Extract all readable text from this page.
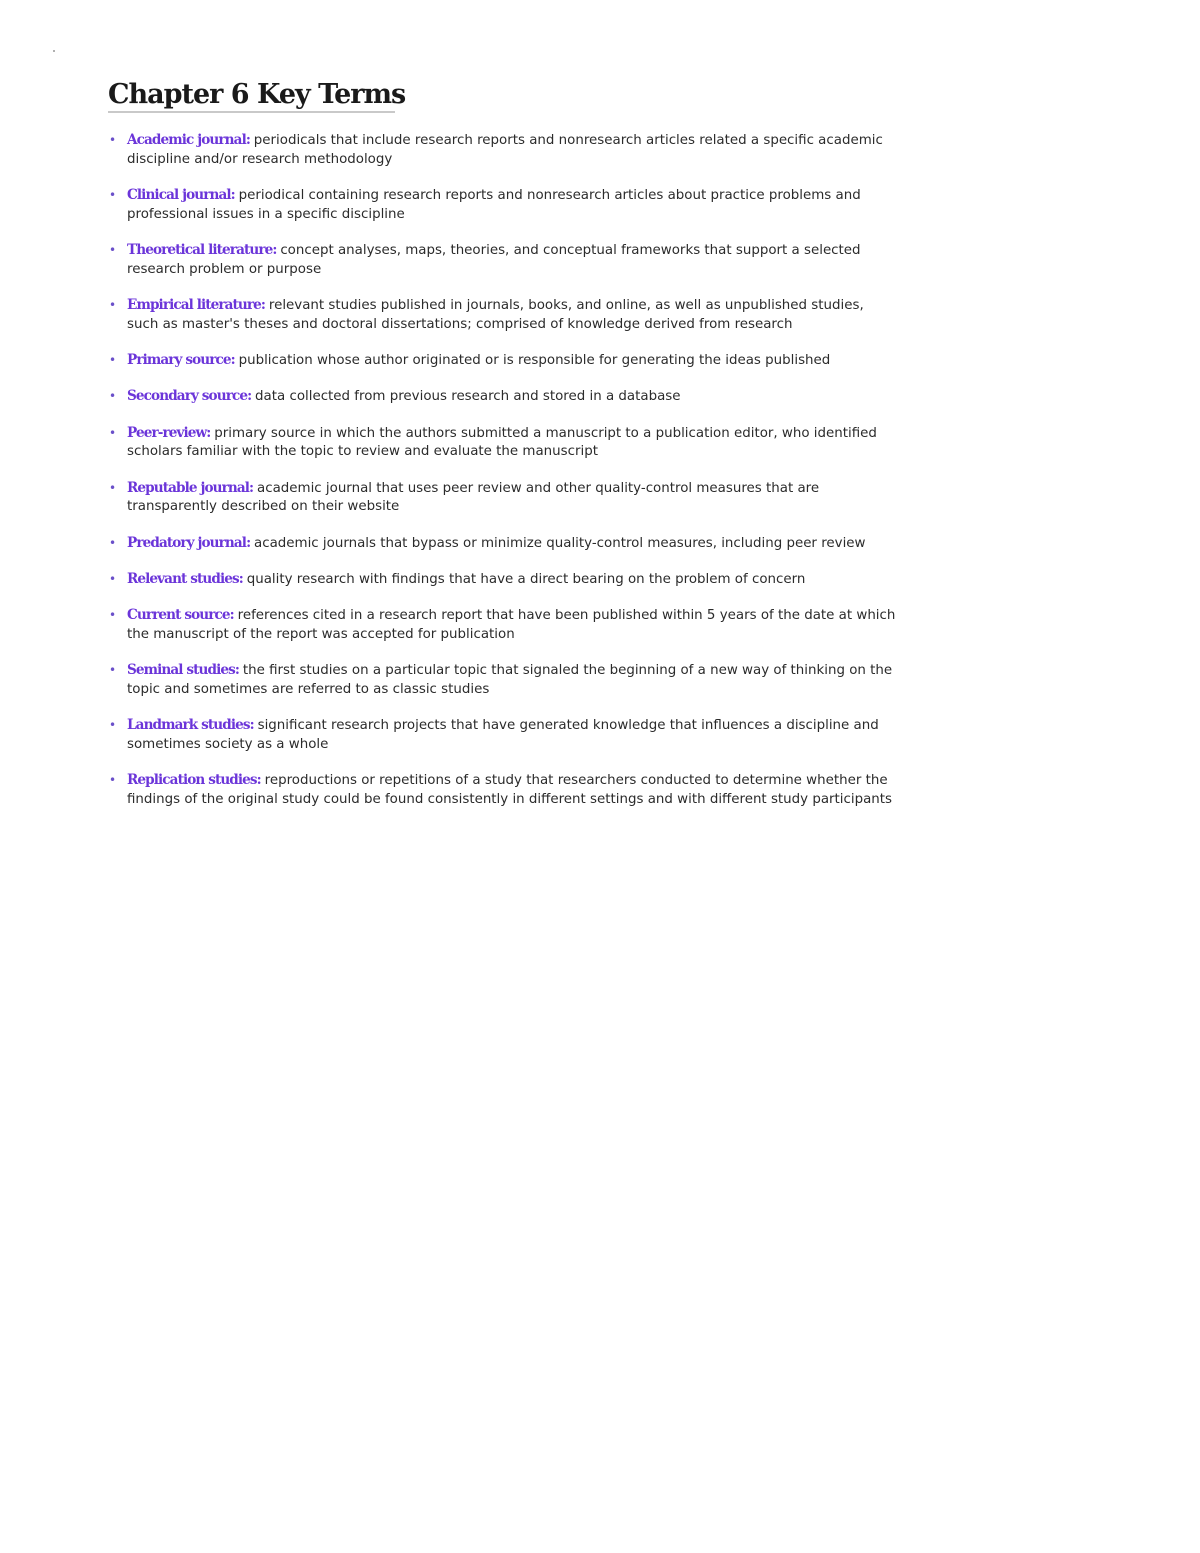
Chapter 6 Key Terms
• Academic journal: periodicals that include research reports and nonresearch articles related a specific academic discipline and/or research methodology
• Clinical journal: periodical containing research reports and nonresearch articles about practice problems and professional issues in a specific discipline
• Theoretical literature: concept analyses, maps, theories, and conceptual frameworks that support a selected research problem or purpose
• Empirical literature: relevant studies published in journals, books, and online, as well as unpublished studies, such as master's theses and doctoral dissertations; comprised of knowledge derived from research
• Primary source: publication whose author originated or is responsible for generating the ideas published
• Secondary source: data collected from previous research and stored in a database
• Peer-review: primary source in which the authors submitted a manuscript to a publication editor, who identified scholars familiar with the topic to review and evaluate the manuscript
• Reputable journal: academic journal that uses peer review and other quality-control measures that are transparently described on their website
• Predatory journal: academic journals that bypass or minimize quality-control measures, including peer review
• Relevant studies: quality research with findings that have a direct bearing on the problem of concern
• Current source: references cited in a research report that have been published within 5 years of the date at which the manuscript of the report was accepted for publication
• Seminal studies: the first studies on a particular topic that signaled the beginning of a new way of thinking on the topic and sometimes are referred to as classic studies
• Landmark studies: significant research projects that have generated knowledge that influences a discipline and sometimes society as a whole
• Replication studies: reproductions or repetitions of a study that researchers conducted to determine whether the findings of the original study could be found consistently in different settings and with different study participants
